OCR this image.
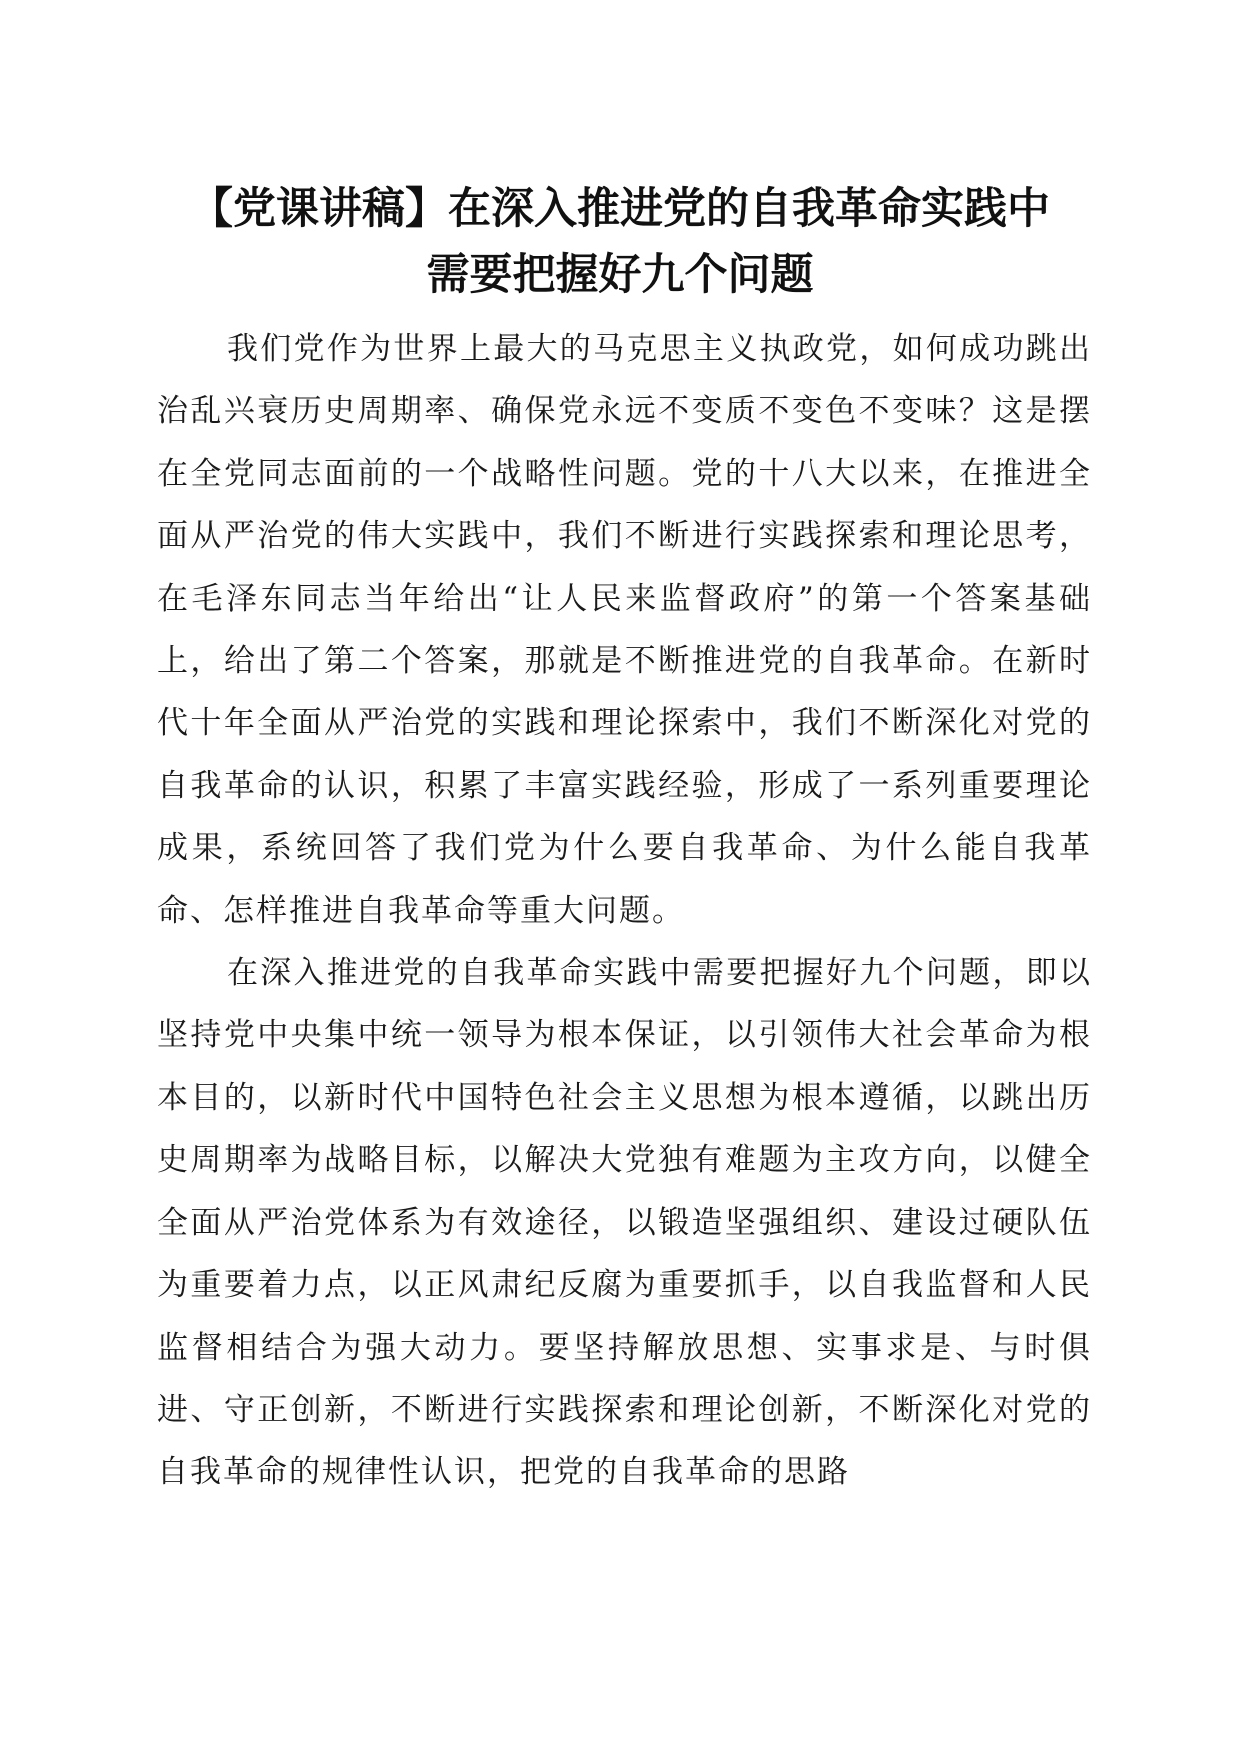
【党课讲稿】在深入推进党的自我革命实践中
需要把握好九个问题

我们党作为世界上最大的马克思主义执政党，如何成功跳出治乱兴衰历史周期率、确保党永远不变质不变色不变味？这是摆在全党同志面前的一个战略性问题。党的十八大以来，在推进全面从严治党的伟大实践中，我们不断进行实践探索和理论思考，在毛泽东同志当年给出“让人民来监督政府”的第一个答案基础上，给出了第二个答案，那就是不断推进党的自我革命。在新时代十年全面从严治党的实践和理论探索中，我们不断深化对党的自我革命的认识，积累了丰富实践经验，形成了一系列重要理论成果，系统回答了我们党为什么要自我革命、为什么能自我革命、怎样推进自我革命等重大问题。

在深入推进党的自我革命实践中需要把握好九个问题，即以坚持党中央集中统一领导为根本保证，以引领伟大社会革命为根本目的，以新时代中国特色社会主义思想为根本遵循，以跳出历史周期率为战略目标，以解决大党独有难题为主攻方向，以健全全面从严治党体系为有效途径，以锻造坚强组织、建设过硬队伍为重要着力点，以正风肃纪反腐为重要抓手，以自我监督和人民监督相结合为强大动力。要坚持解放思想、实事求是、与时俱进、守正创新，不断进行实践探索和理论创新，不断深化对党的自我革命的规律性认识，把党的自我革命的思路
